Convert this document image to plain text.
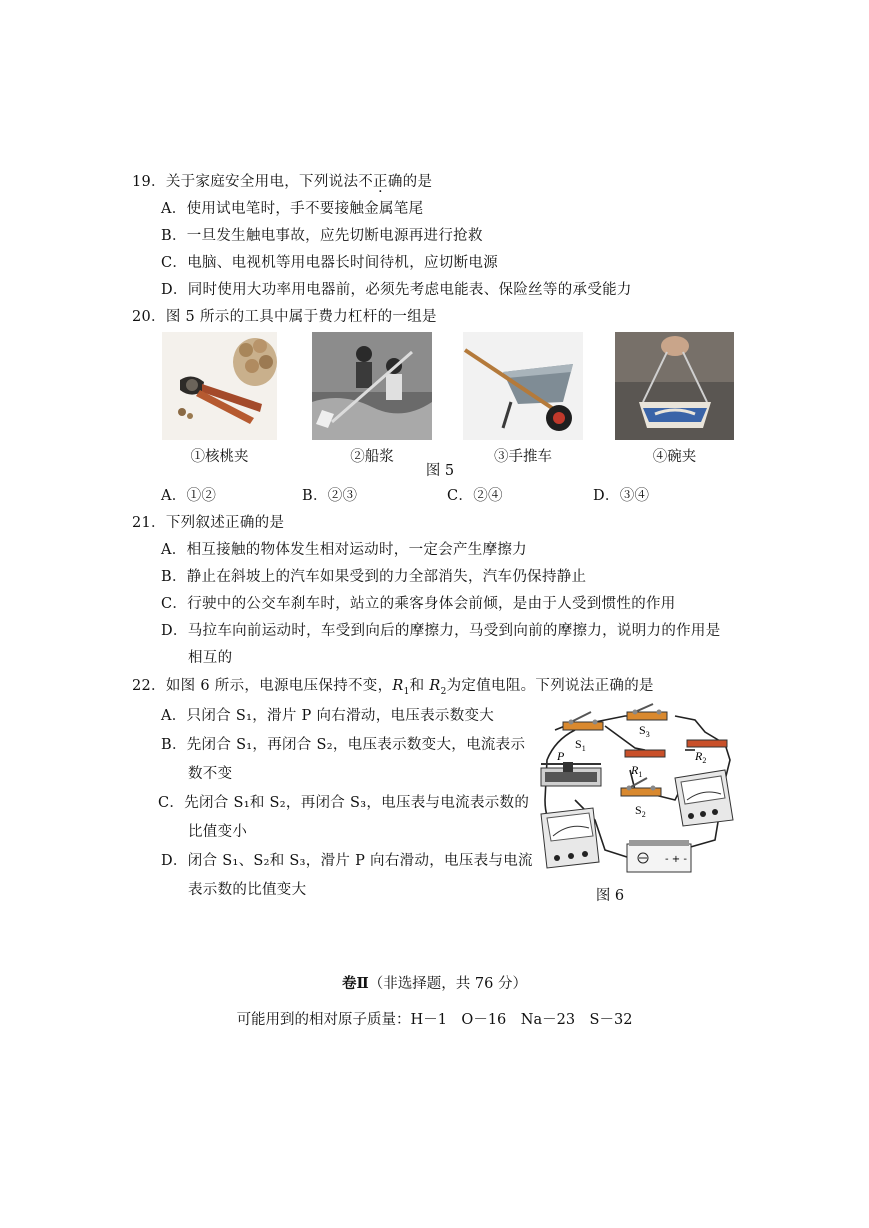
19．关于家庭安全用电，下列说法不正确的是
A．使用试电笔时，手不要接触金属笔尾
B．一旦发生触电事故，应先切断电源再进行抢救
C．电脑、电视机等用电器长时间待机，应切断电源
D．同时使用大功率用电器前，必须先考虑电能表、保险丝等的承受能力
20．图 5 所示的工具中属于费力杠杆的一组是
①核桃夹	②船浆	③手推车	④碗夹
图 5
A．①②	B．②③	C．②④	D．③④
21．下列叙述正确的是
A．相互接触的物体发生相对运动时，一定会产生摩擦力
B．静止在斜坡上的汽车如果受到的力全部消失，汽车仍保持静止
C．行驶中的公交车刹车时，站立的乘客身体会前倾，是由于人受到惯性的作用
D．马拉车向前运动时，车受到向后的摩擦力，马受到向前的摩擦力，说明力的作用是
相互的
22．如图 6 所示，电源电压保持不变，$R_1$和 $R_2$为定值电阻。下列说法正确的是
A．只闭合 S₁，滑片 P 向右滑动，电压表示数变大
B．先闭合 S₁，再闭合 S₂，电压表示数变大，电流表示
数不变
C．先闭合 S₁和 S₂，再闭合 S₃，电压表与电流表示数的
比值变小
D．闭合 S₁、S₂和 S₃，滑片 P 向右滑动，电压表与电流
表示数的比值变大
- + -
$S_1$
$S_3$
$R_2$
$R_1$
$S_2$
P
图 6
卷Ⅱ（非选择题，共 76 分）
可能用到的相对原子质量：H－1　O－16　Na－23　S－32
